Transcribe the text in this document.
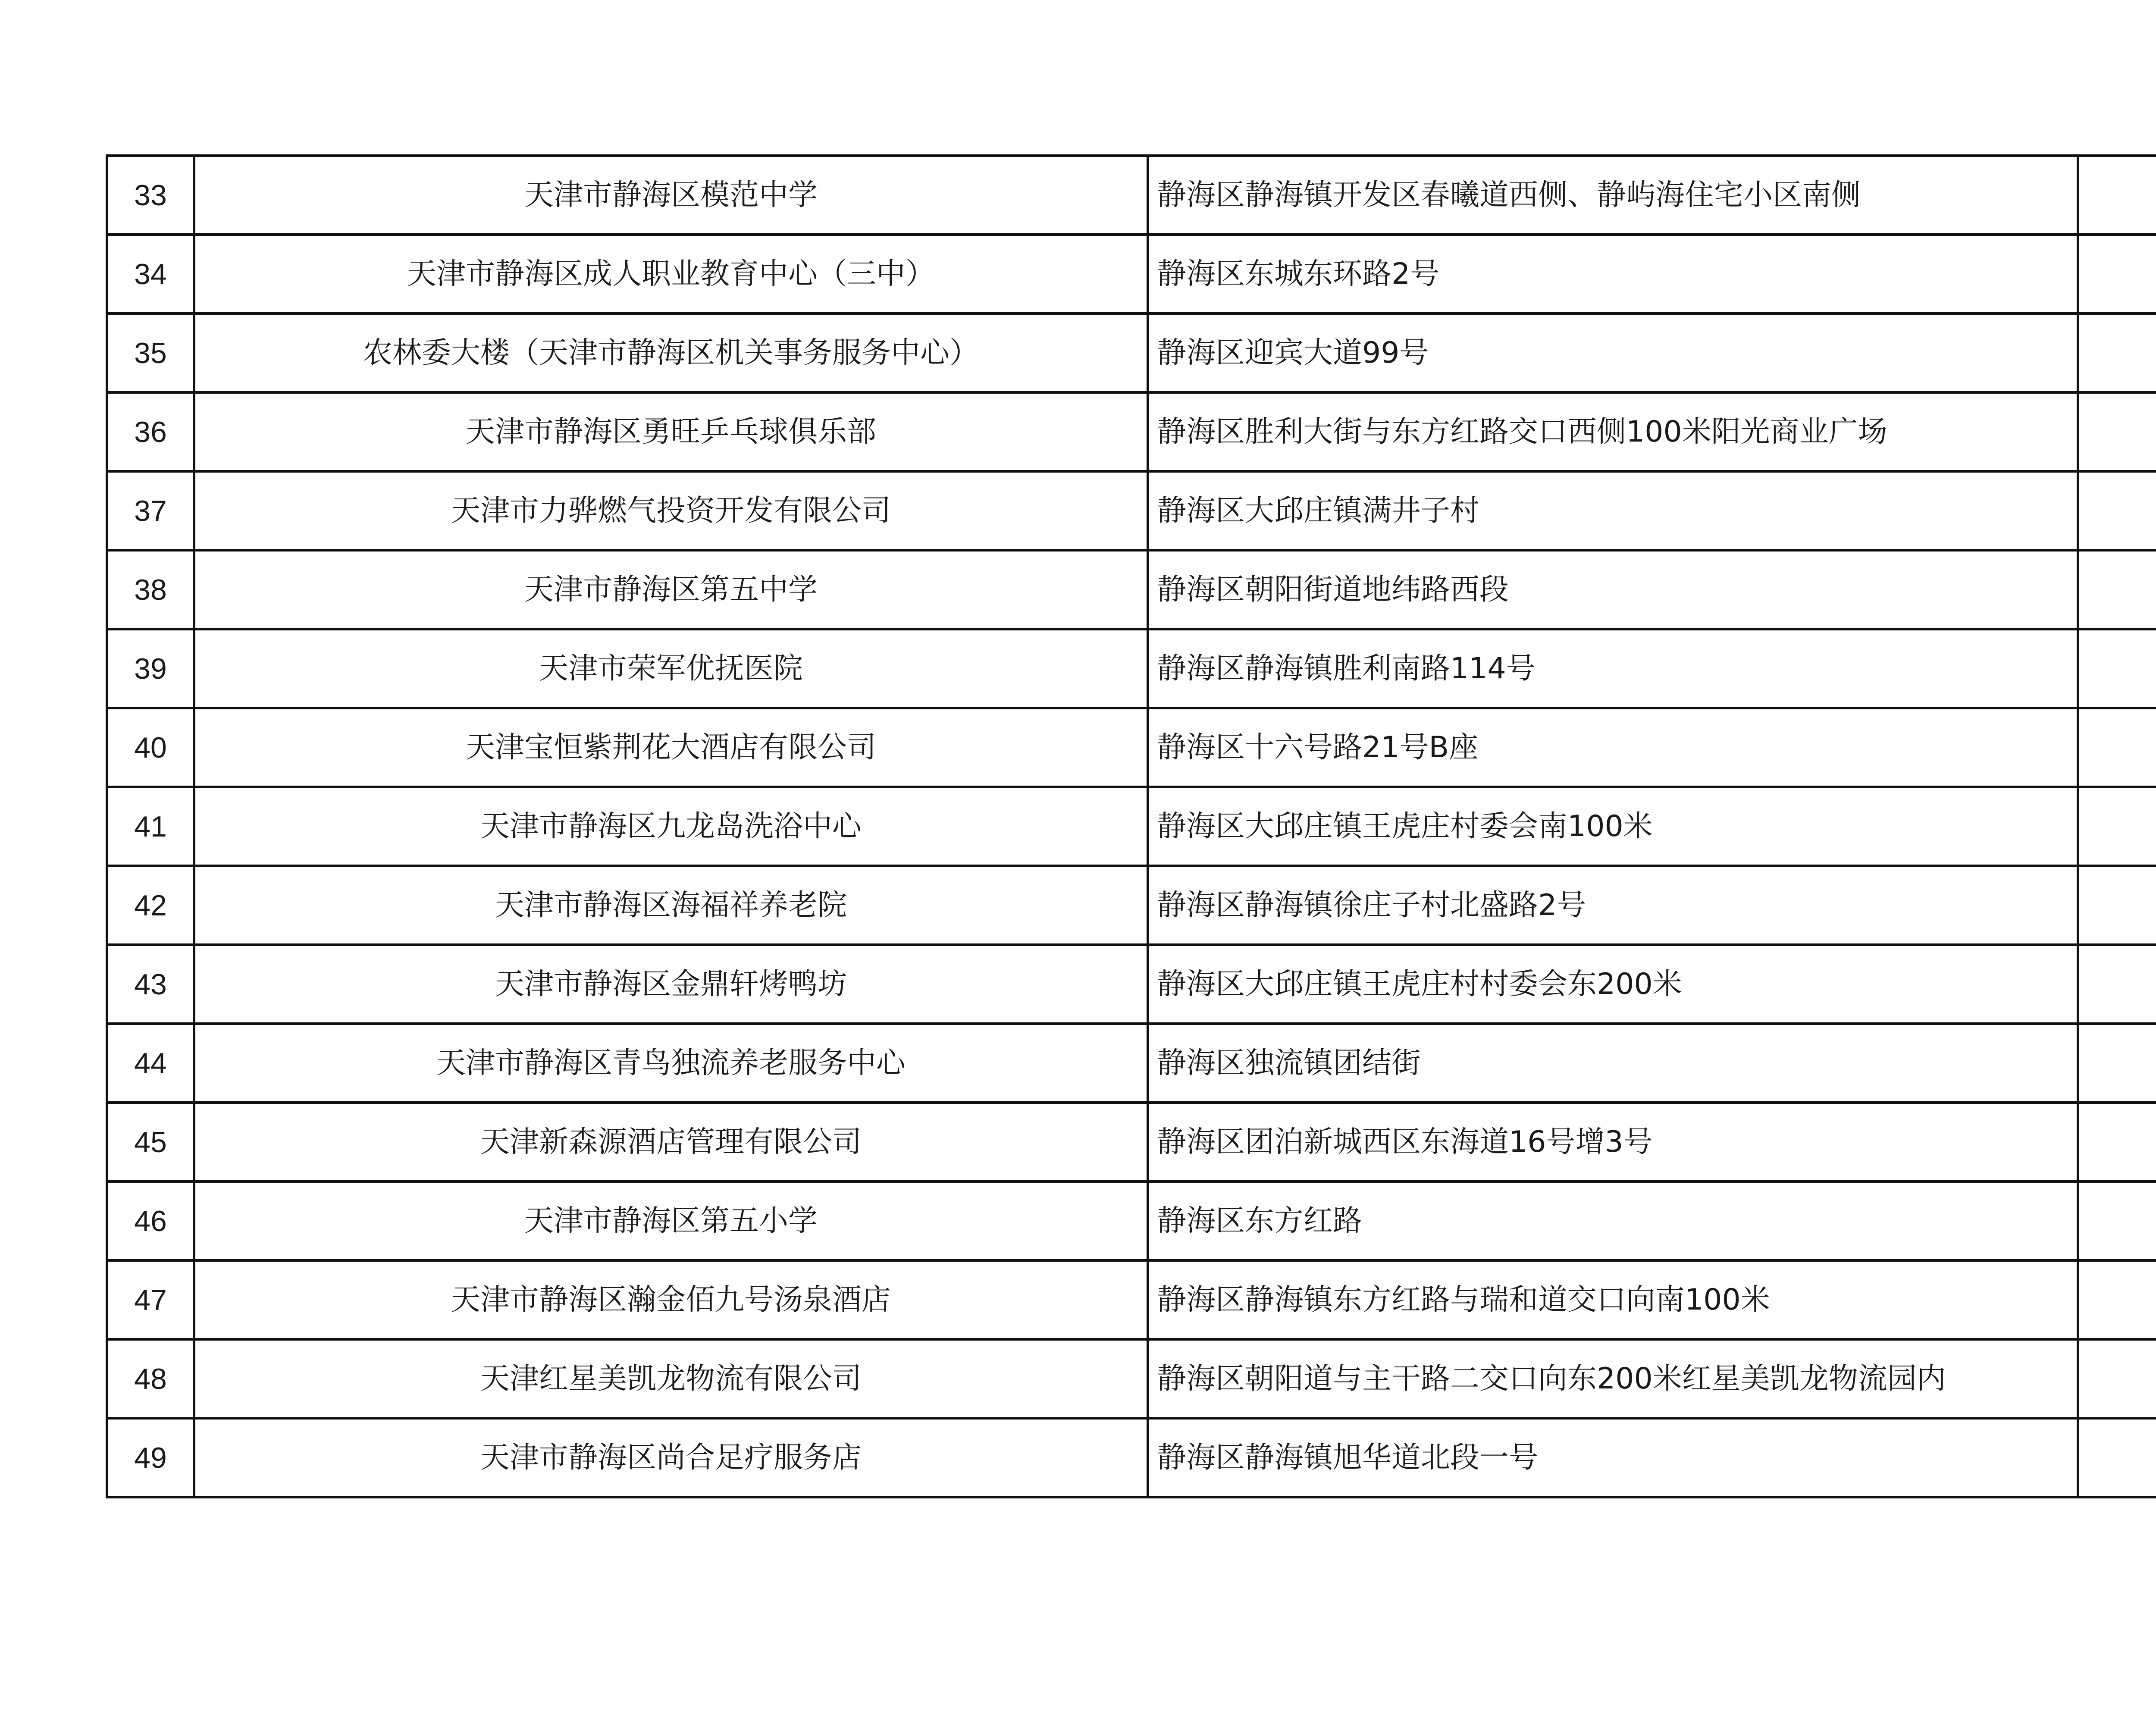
33	天津市静海区模范中学	静海区静海镇开发区春曦道西侧、静屿海住宅小区南侧	
34	天津市静海区成人职业教育中心（三中）	静海区东城东环路2号	
35	农林委大楼（天津市静海区机关事务服务中心）	静海区迎宾大道99号	
36	天津市静海区勇旺乒乓球俱乐部	静海区胜利大街与东方红路交口西侧100米阳光商业广场	
37	天津市力骅燃气投资开发有限公司	静海区大邱庄镇满井子村	
38	天津市静海区第五中学	静海区朝阳街道地纬路西段	
39	天津市荣军优抚医院	静海区静海镇胜利南路114号	
40	天津宝恒紫荆花大酒店有限公司	静海区十六号路21号B座	
41	天津市静海区九龙岛洗浴中心	静海区大邱庄镇王虎庄村委会南100米	
42	天津市静海区海福祥养老院	静海区静海镇徐庄子村北盛路2号	
43	天津市静海区金鼎轩烤鸭坊	静海区大邱庄镇王虎庄村村委会东200米	
44	天津市静海区青鸟独流养老服务中心	静海区独流镇团结街	
45	天津新森源酒店管理有限公司	静海区团泊新城西区东海道16号增3号	
46	天津市静海区第五小学	静海区东方红路	
47	天津市静海区瀚金佰九号汤泉酒店	静海区静海镇东方红路与瑞和道交口向南100米	
48	天津红星美凯龙物流有限公司	静海区朝阳道与主干路二交口向东200米红星美凯龙物流园内	
49	天津市静海区尚合足疗服务店	静海区静海镇旭华道北段一号	
